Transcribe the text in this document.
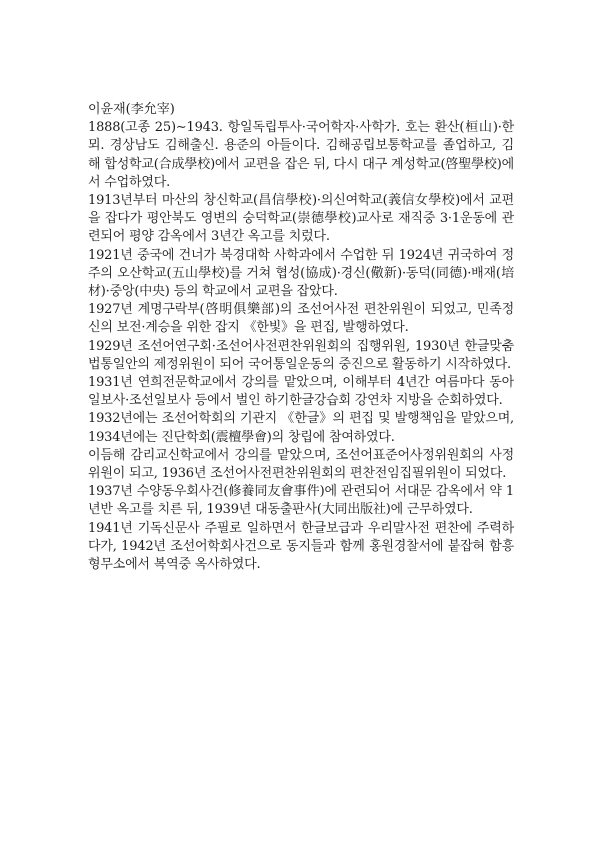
이윤재(李允宰)

1888(고종 25)∼1943. 항일독립투사·국어학자·사학가. 호는 환산(桓山)·한뫼. 경상남도 김해출신. 용준의 아들이다. 김해공립보통학교를 졸업하고, 김해 합성학교(合成學校)에서 교편을 잡은 뒤, 다시 대구 계성학교(啓聖學校)에서 수업하였다.

1913년부터 마산의 창신학교(昌信學校)·의신여학교(義信女學校)에서 교편을 잡다가 평안북도 영변의 숭덕학교(崇德學校)교사로 재직중 3·1운동에 관련되어 평양 감옥에서 3년간 옥고를 치렀다.

1921년 중국에 건너가 북경대학 사학과에서 수업한 뒤 1924년 귀국하여 정주의 오산학교(五山學校)를 거쳐 협성(協成)·경신(儆新)·동덕(同德)·배재(培材)·중앙(中央) 등의 학교에서 교편을 잡았다.

1927년 계명구락부(啓明俱樂部)의 조선어사전 편찬위원이 되었고, 민족정신의 보전·계승을 위한 잡지 《한빛》을 편집, 발행하였다.

1929년 조선어연구회·조선어사전편찬위원회의 집행위원, 1930년 한글맞춤법통일안의 제정위원이 되어 국어통일운동의 중진으로 활동하기 시작하였다.

1931년 연희전문학교에서 강의를 맡았으며, 이해부터 4년간 여름마다 동아일보사·조선일보사 등에서 벌인 하기한글강습회 강연차 지방을 순회하였다.

1932년에는 조선어학회의 기관지 《한글》의 편집 및 발행책임을 맡았으며, 1934년에는 진단학회(震檀學會)의 창립에 참여하였다.

이듬해 감리교신학교에서 강의를 맡았으며, 조선어표준어사정위원회의 사정위원이 되고, 1936년 조선어사전편찬위원회의 편찬전임집필위원이 되었다.

1937년 수양동우회사건(修養同友會事件)에 관련되어 서대문 감옥에서 약 1년반 옥고를 치른 뒤, 1939년 대동출판사(大同出版社)에 근무하였다.

1941년 기독신문사 주필로 일하면서 한글보급과 우리말사전 편찬에 주력하다가, 1942년 조선어학회사건으로 동지들과 함께 홍원경찰서에 붙잡혀 함흥형무소에서 복역중 옥사하였다.
